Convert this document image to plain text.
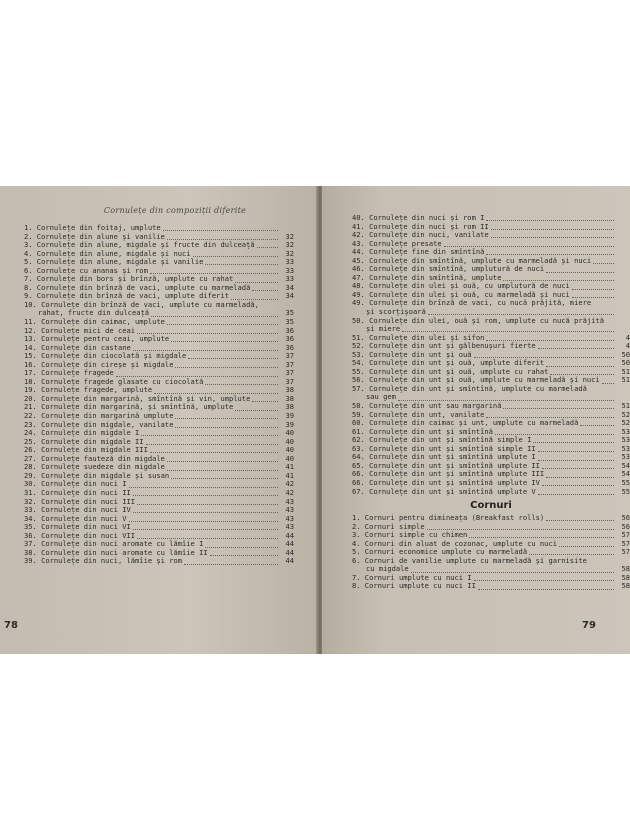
Cornulețe din compoziții diferite
1. Cornulețe din foitaj, umplute
2. Cornulețe din alune și vanilie	32
3. Cornulețe din alune, migdale și fructe din dulceață	32
4. Cornulețe din alune, migdale și nuci	32
5. Cornulețe din alune, migdale și vanilie	33
6. Cornulețe cu ananas și rom	33
7. Cornulețe din bors și brînză, umplute cu rahat	33
8. Cornulețe din brînză de vaci, umplute cu marmeladă	34
9. Cornulețe din brînză de vaci, umplute diferit	34
10. Cornulețe din brînză de vaci, umplute cu marmeladă,
rahat, fructe din dulceață	35
11. Cornulețe din caimac, umplute	35
12. Cornulețe mici de ceai	36
13. Cornulețe pentru ceai, umplute	36
14. Cornulețe din castane	36
15. Cornulețe din ciocolată și migdale	37
16. Cornulețe din cireșe și migdale	37
17. Cornulețe fragede	37
18. Cornulețe fragede glasate cu ciocolată	37
19. Cornulețe fragede, umplute	38
20. Cornulețe din margarină, smîntînă și vin, umplute	38
21. Cornulețe din margarină, și smîntînă, umplute	38
22. Cornulețe din margarină umplute	39
23. Cornulețe din migdale, vanilate	39
24. Cornulețe din migdale I	40
25. Cornulețe din migdale II	40
26. Cornulețe din migdale III	40
27. Cornulețe fauteză din migdale	40
28. Cornulețe suedeze din migdale	41
29. Cornulețe din migdale și susan	41
30. Cornulețe din nuci I	42
31. Cornulețe din nuci II	42
32. Cornulețe din nuci III	43
33. Cornulețe din nuci IV	43
34. Cornulețe din nuci V	43
35. Cornulețe din nuci VI	43
36. Cornulețe din nuci VII	44
37. Cornulețe din nuci aromate cu lămîie I	44
38. Cornulețe din nuci aromate cu lămîie II	44
39. Cornulețe din nuci, lămîie și rom	44
78
40. Cornulețe din nuci și rom I
41. Cornulețe din nuci și rom II
42. Cornulețe din nuci, vanilate
43. Cornulețe presate
44. Cornulețe fine din smîntînă
45. Cornulețe din smîntînă, umplute cu marmeladă și nuci
46. Cornulețe din smîntînă, umplutură de nuci
47. Cornulețe din smîntînă, umplute
48. Cornulețe din ulei și ouă, cu umplutură de nuci
49. Cornulețe din ulei și ouă, cu marmeladă și nuci
49. Cornulețe din brînză de vaci, cu nucă prăjită, miere
și scorțișoară
50. Cornulețe din ulei, ouă și rom, umplute cu nucă prăjită
și miere
51. Cornulețe din ulei și sifon	4
52. Cornulețe din unt și gălbenușuri fierte	4
53. Cornulețe din unt și ouă	50
54. Cornulețe din unt și ouă, umplute diferit	50
55. Cornulețe din unt și ouă, umplute cu rahat	51
56. Cornulețe din unt și ouă, umplute cu marmeladă și nuci	51
57. Cornulețe din unt și smîntînă, umplute cu marmeladă
sau gem
58. Cornulețe din unt sau margarină	51
59. Cornulețe din unt, vanilate	52
60. Cornulețe din caimac și unt, umplute cu marmeladă	52
61. Cornulețe din unt și smîntînă	53
62. Cornulețe din unt și smîntînă simple I	53
63. Cornulețe din unt și smîntînă simple II	53
64. Cornulețe din unt și smîntînă umplute I	53
65. Cornulețe din unt și smîntînă umplute II	54
66. Cornulețe din unt și smîntînă umplute III	54
66. Cornulețe din unt și smîntînă umplute IV	55
67. Cornulețe din unt și smîntînă umplute V	55
Cornuri
1. Cornuri pentru dimineața (Breakfast rolls)	56
2. Cornuri simple	56
3. Cornuri simple cu chimen	57
4. Cornuri din aluat de cozonac, umplute cu nuci	57
5. Cornuri economice umplute cu marmeladă	57
6. Cornuri de vanilie umplute cu marmeladă și garnisite
cu migdale	58
7. Cornuri umplute cu nuci I	58
8. Cornuri umplute cu nuci II	58
79
